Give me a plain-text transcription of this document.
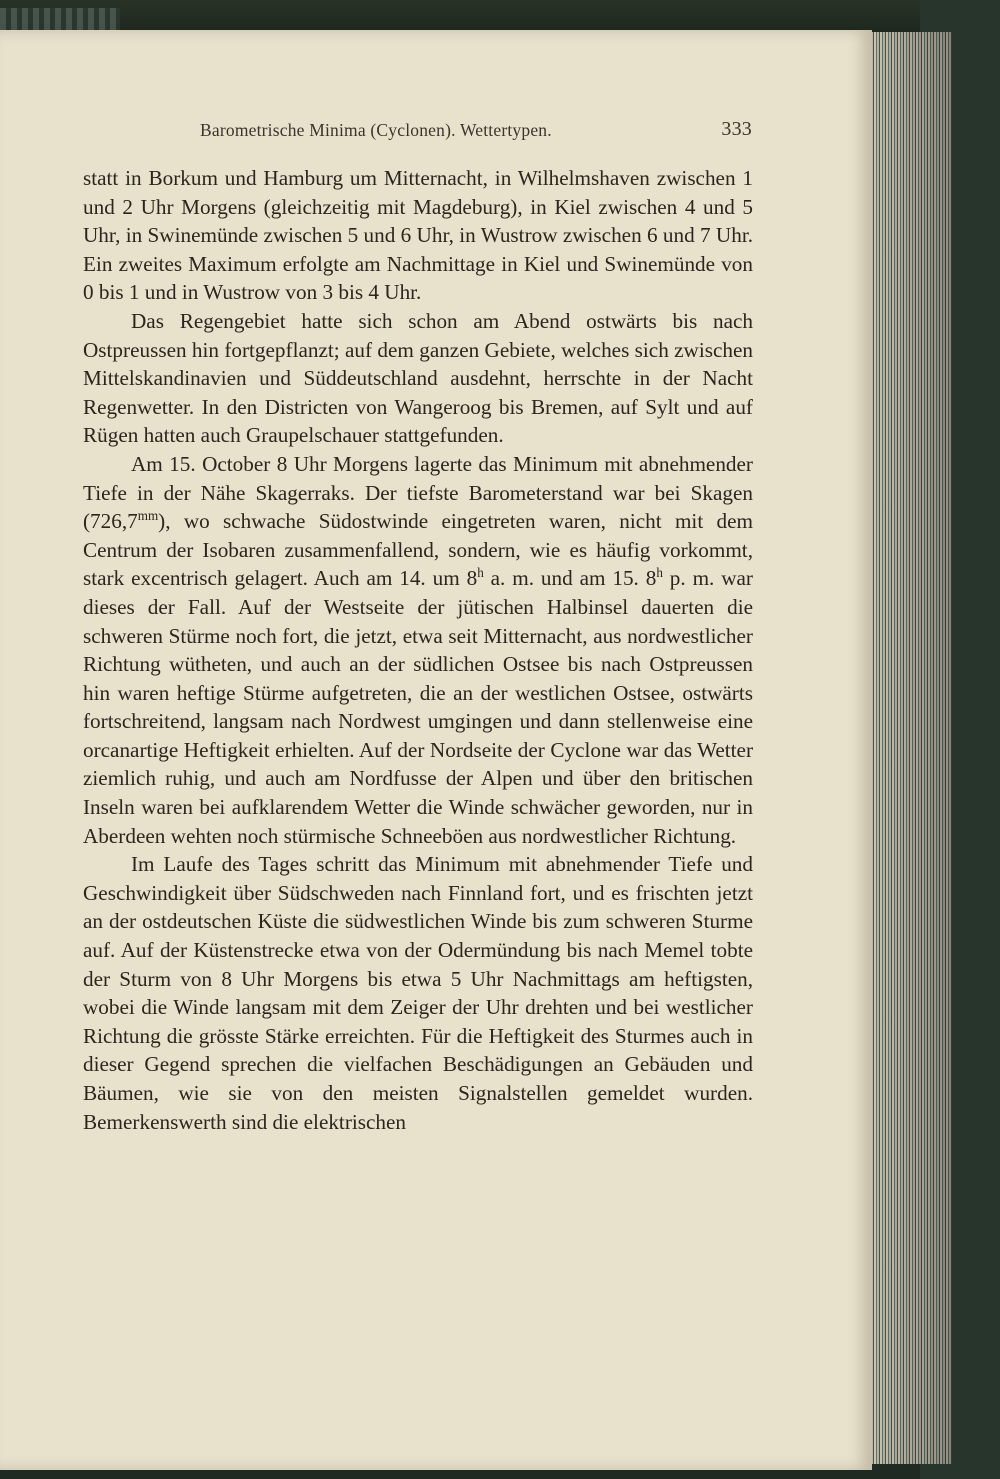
Barometrische Minima (Cyclonen). Wettertypen.	333

statt in Borkum und Hamburg um Mitternacht, in Wilhelmshaven zwischen 1 und 2 Uhr Morgens (gleichzeitig mit Magdeburg), in Kiel zwischen 4 und 5 Uhr, in Swinemünde zwischen 5 und 6 Uhr, in Wustrow zwischen 6 und 7 Uhr. Ein zweites Maximum erfolgte am Nachmittage in Kiel und Swinemünde von 0 bis 1 und in Wustrow von 3 bis 4 Uhr.

Das Regengebiet hatte sich schon am Abend ostwärts bis nach Ostpreussen hin fortgepflanzt; auf dem ganzen Gebiete, welches sich zwischen Mittelskandinavien und Süddeutschland ausdehnt, herrschte in der Nacht Regenwetter. In den Districten von Wangeroog bis Bremen, auf Sylt und auf Rügen hatten auch Graupelschauer stattgefunden.

Am 15. October 8 Uhr Morgens lagerte das Minimum mit abnehmender Tiefe in der Nähe Skagerraks. Der tiefste Barometerstand war bei Skagen $(726,7^{mm})$, wo schwache Südostwinde eingetreten waren, nicht mit dem Centrum der Isobaren zusammenfallend, sondern, wie es häufig vorkommt, stark excentrisch gelagert. Auch am 14. um 8$^h$ a. m. und am 15. 8$^h$ p. m. war dieses der Fall. Auf der Westseite der jütischen Halbinsel dauerten die schweren Stürme noch fort, die jetzt, etwa seit Mitternacht, aus nordwestlicher Richtung wütheten, und auch an der südlichen Ostsee bis nach Ostpreussen hin waren heftige Stürme aufgetreten, die an der westlichen Ostsee, ostwärts fortschreitend, langsam nach Nordwest umgingen und dann stellenweise eine orcanartige Heftigkeit erhielten. Auf der Nordseite der Cyclone war das Wetter ziemlich ruhig, und auch am Nordfusse der Alpen und über den britischen Inseln waren bei aufklarendem Wetter die Winde schwächer geworden, nur in Aberdeen wehten noch stürmische Schneeböen aus nordwestlicher Richtung.

Im Laufe des Tages schritt das Minimum mit abnehmender Tiefe und Geschwindigkeit über Südschweden nach Finnland fort, und es frischten jetzt an der ostdeutschen Küste die südwestlichen Winde bis zum schweren Sturme auf. Auf der Küstenstrecke etwa von der Odermündung bis nach Memel tobte der Sturm von 8 Uhr Morgens bis etwa 5 Uhr Nachmittags am heftigsten, wobei die Winde langsam mit dem Zeiger der Uhr drehten und bei westlicher Richtung die grösste Stärke erreichten. Für die Heftigkeit des Sturmes auch in dieser Gegend sprechen die vielfachen Beschädigungen an Gebäuden und Bäumen, wie sie von den meisten Signalstellen gemeldet wurden. Bemerkenswerth sind die elektrischen
